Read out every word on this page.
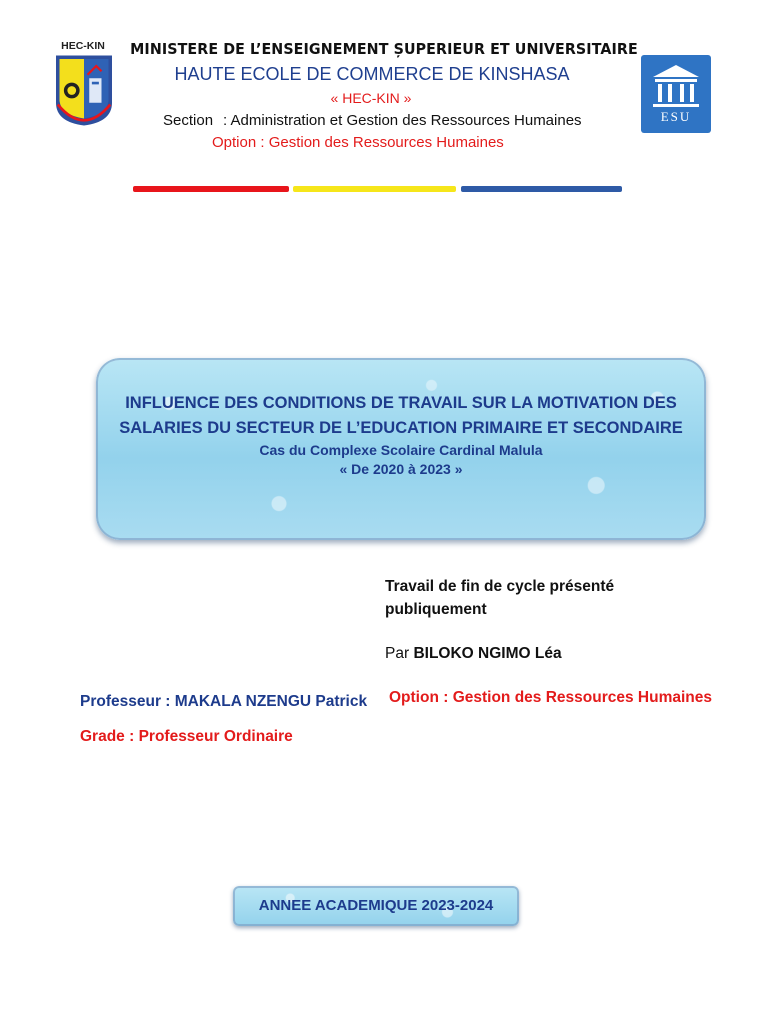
HEC-KIN
ESU
MINISTERE DE L’ENSEIGNEMENT ȘUPERIEUR ET UNIVERSITAIRE
HAUTE ECOLE DE COMMERCE DE KINSHASA
« HEC-KIN »
Section : Administration et Gestion des Ressources Humaines
Option : Gestion des Ressources Humaines
INFLUENCE DES CONDITIONS DE TRAVAIL SUR LA MOTIVATION DES SALARIES DU SECTEUR DE L’EDUCATION PRIMAIRE ET SECONDAIRE
Cas du Complexe Scolaire Cardinal Malula
« De 2020 à 2023 »
Travail de fin de cycle présenté publiquement
Par BILOKO NGIMO Léa
Option : Gestion des Ressources Humaines
Professeur : MAKALA NZENGU Patrick
Grade : Professeur Ordinaire
ANNEE ACADEMIQUE 2023-2024
